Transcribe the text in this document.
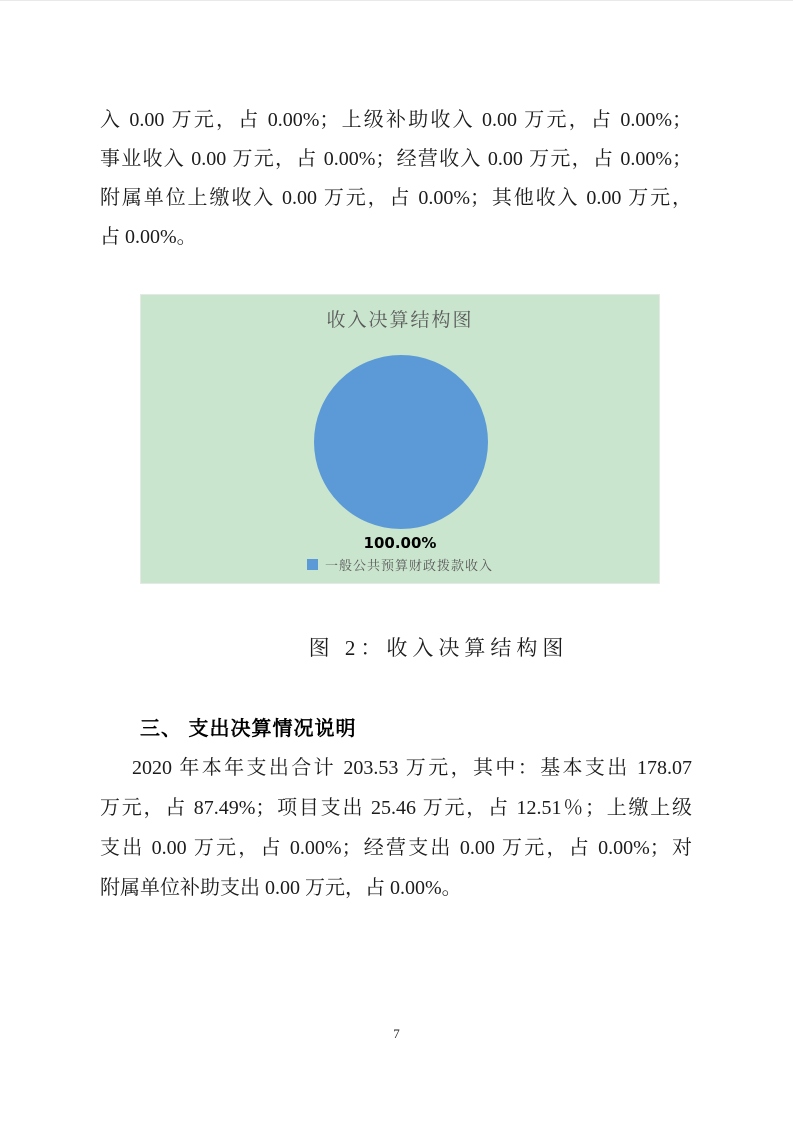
入 0.00 万元，占 0.00%；上级补助收入 0.00 万元，占 0.00%；
事业收入 0.00 万元，占 0.00%；经营收入 0.00 万元，占 0.00%；
附属单位上缴收入 0.00 万元，占 0.00%；其他收入 0.00 万元，
占 0.00%。
收入决算结构图
100.00%
一般公共预算财政拨款收入
图 2：收入决算结构图
三、 支出决算情况说明
2020 年本年支出合计 203.53 万元，其中：基本支出 178.07
万元，占 87.49%；项目支出 25.46 万元，占 12.51％；上缴上级
支出 0.00 万元，占 0.00%；经营支出 0.00 万元，占 0.00%；对
附属单位补助支出 0.00 万元，占 0.00%。
7
